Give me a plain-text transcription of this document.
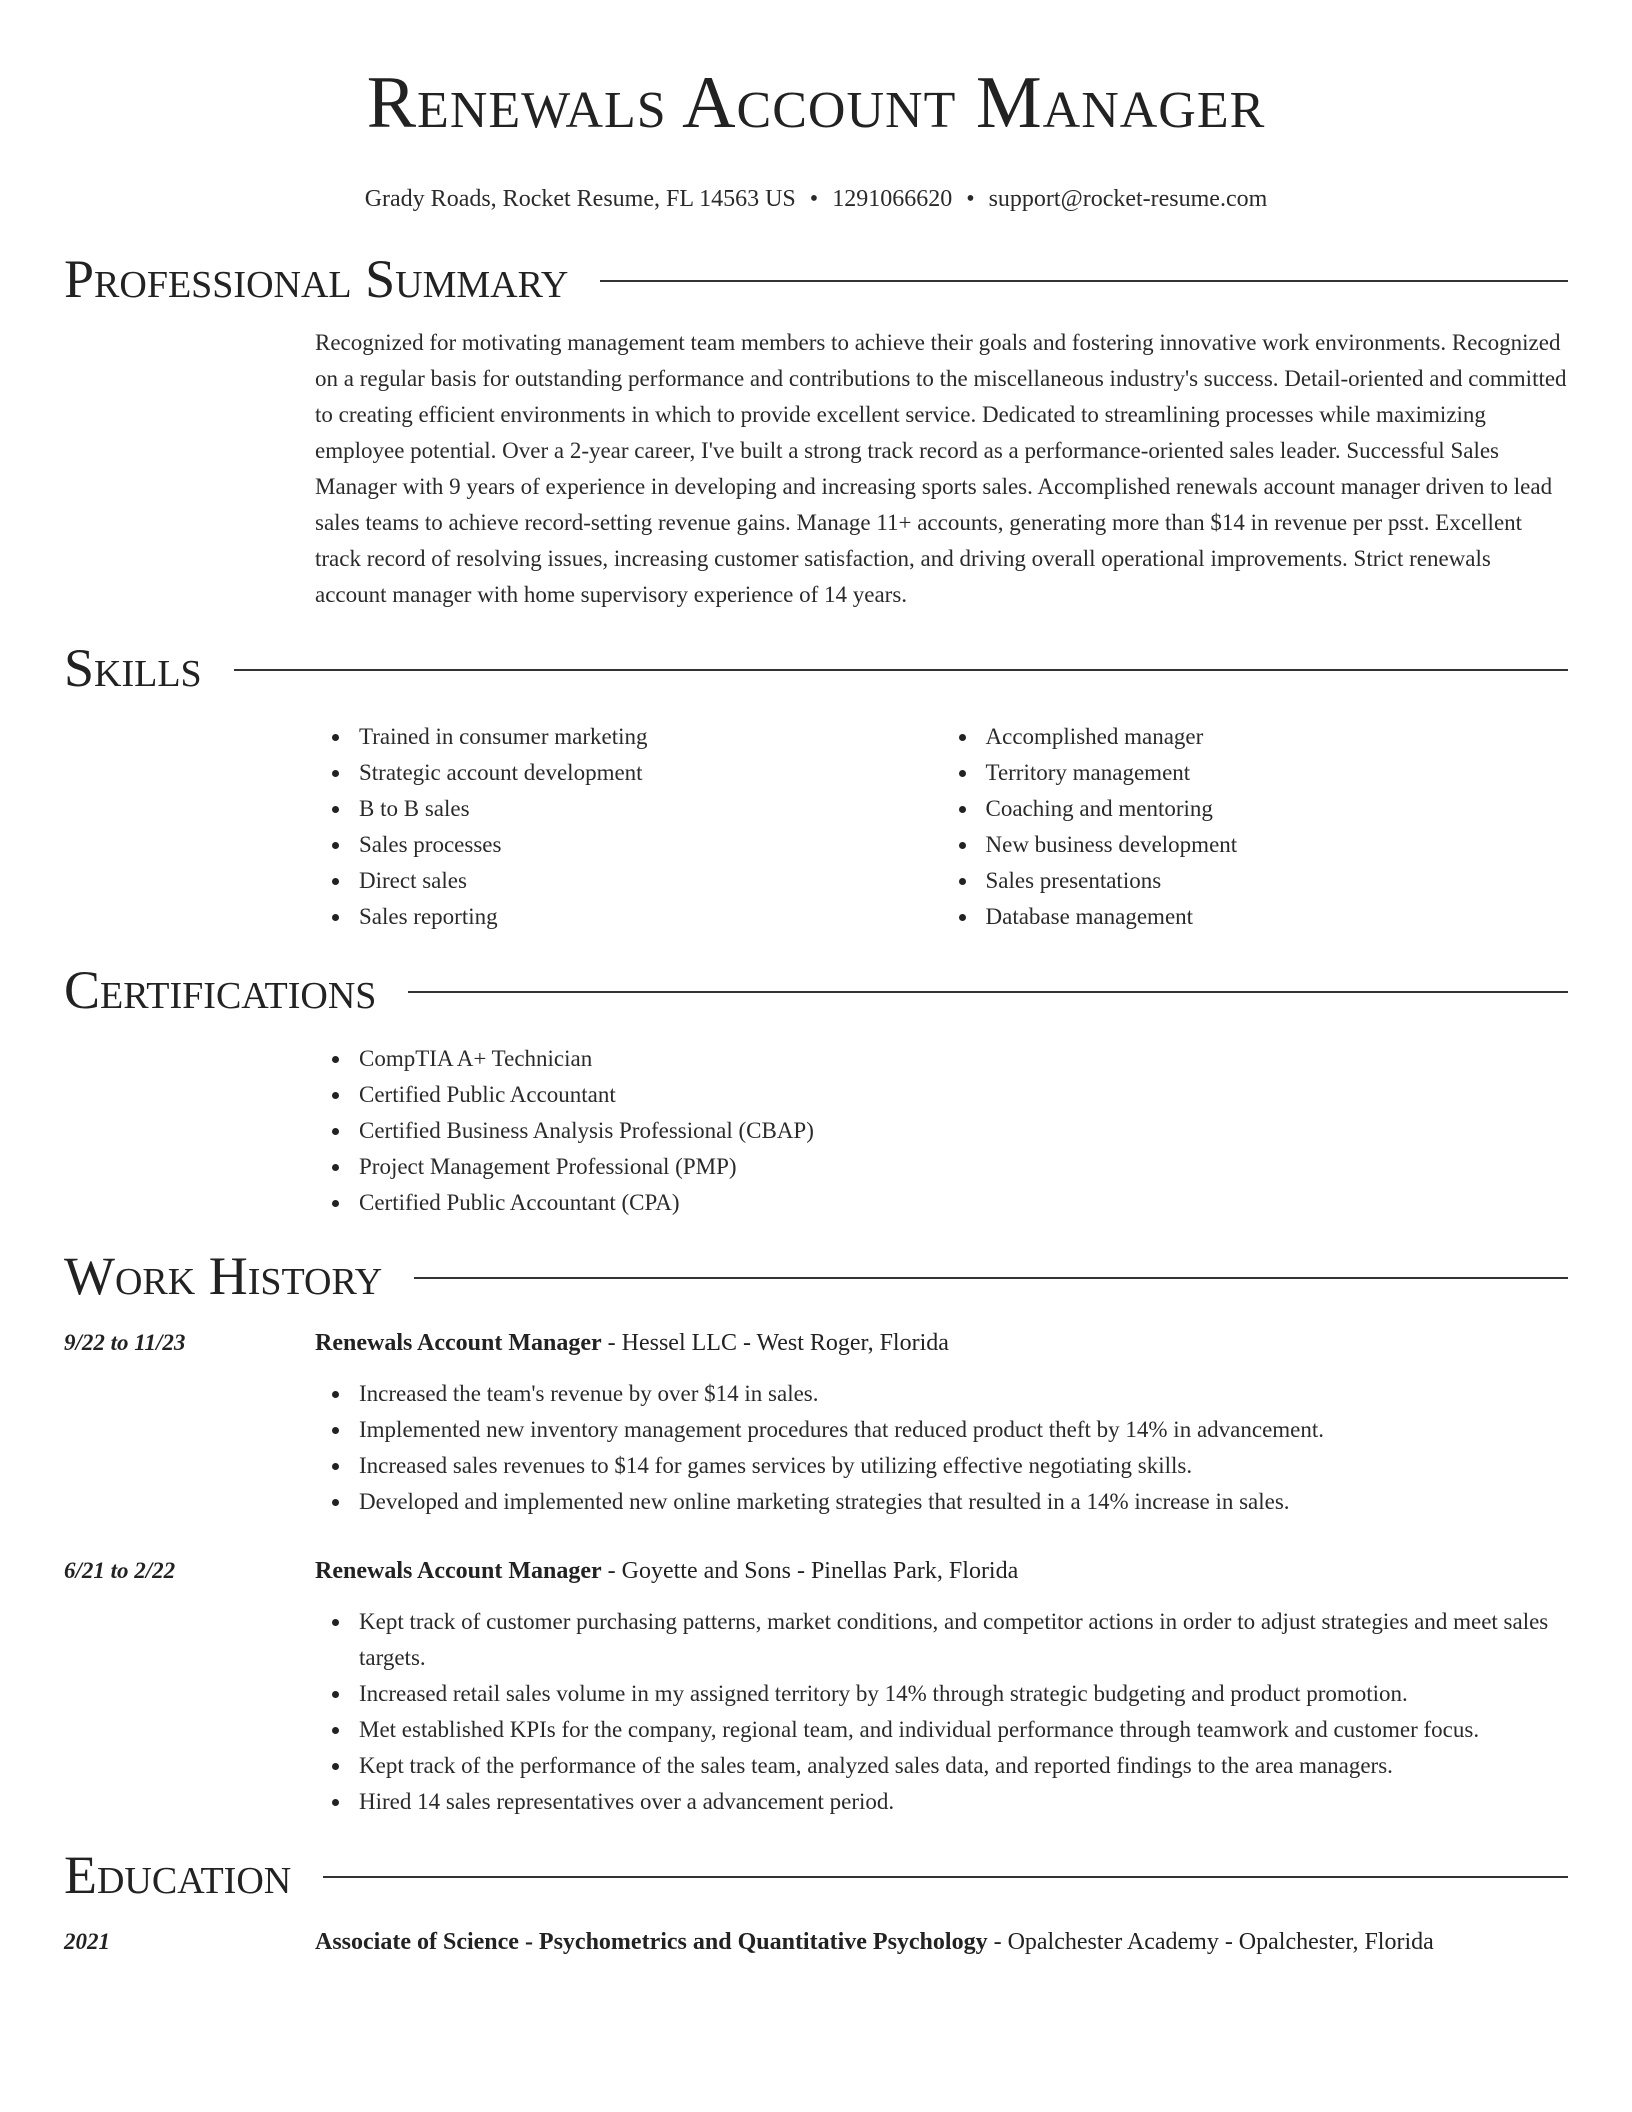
Renewals Account Manager
Grady Roads, Rocket Resume, FL 14563 US • 1291066620 • support@rocket-resume.com
Professional Summary
Recognized for motivating management team members to achieve their goals and fostering innovative work environments. Recognized on a regular basis for outstanding performance and contributions to the miscellaneous industry's success. Detail-oriented and committed to creating efficient environments in which to provide excellent service. Dedicated to streamlining processes while maximizing employee potential. Over a 2-year career, I've built a strong track record as a performance-oriented sales leader. Successful Sales Manager with 9 years of experience in developing and increasing sports sales. Accomplished renewals account manager driven to lead sales teams to achieve record-setting revenue gains. Manage 11+ accounts, generating more than $14 in revenue per psst. Excellent track record of resolving issues, increasing customer satisfaction, and driving overall operational improvements. Strict renewals account manager with home supervisory experience of 14 years.
Skills
Trained in consumer marketing
Strategic account development
B to B sales
Sales processes
Direct sales
Sales reporting
Accomplished manager
Territory management
Coaching and mentoring
New business development
Sales presentations
Database management
Certifications
CompTIA A+ Technician
Certified Public Accountant
Certified Business Analysis Professional (CBAP)
Project Management Professional (PMP)
Certified Public Accountant (CPA)
Work History
9/22 to 11/23	Renewals Account Manager - Hessel LLC - West Roger, Florida
Increased the team's revenue by over $14 in sales.
Implemented new inventory management procedures that reduced product theft by 14% in advancement.
Increased sales revenues to $14 for games services by utilizing effective negotiating skills.
Developed and implemented new online marketing strategies that resulted in a 14% increase in sales.
6/21 to 2/22	Renewals Account Manager - Goyette and Sons - Pinellas Park, Florida
Kept track of customer purchasing patterns, market conditions, and competitor actions in order to adjust strategies and meet sales targets.
Increased retail sales volume in my assigned territory by 14% through strategic budgeting and product promotion.
Met established KPIs for the company, regional team, and individual performance through teamwork and customer focus.
Kept track of the performance of the sales team, analyzed sales data, and reported findings to the area managers.
Hired 14 sales representatives over a advancement period.
Education
2021	Associate of Science - Psychometrics and Quantitative Psychology - Opalchester Academy - Opalchester, Florida
